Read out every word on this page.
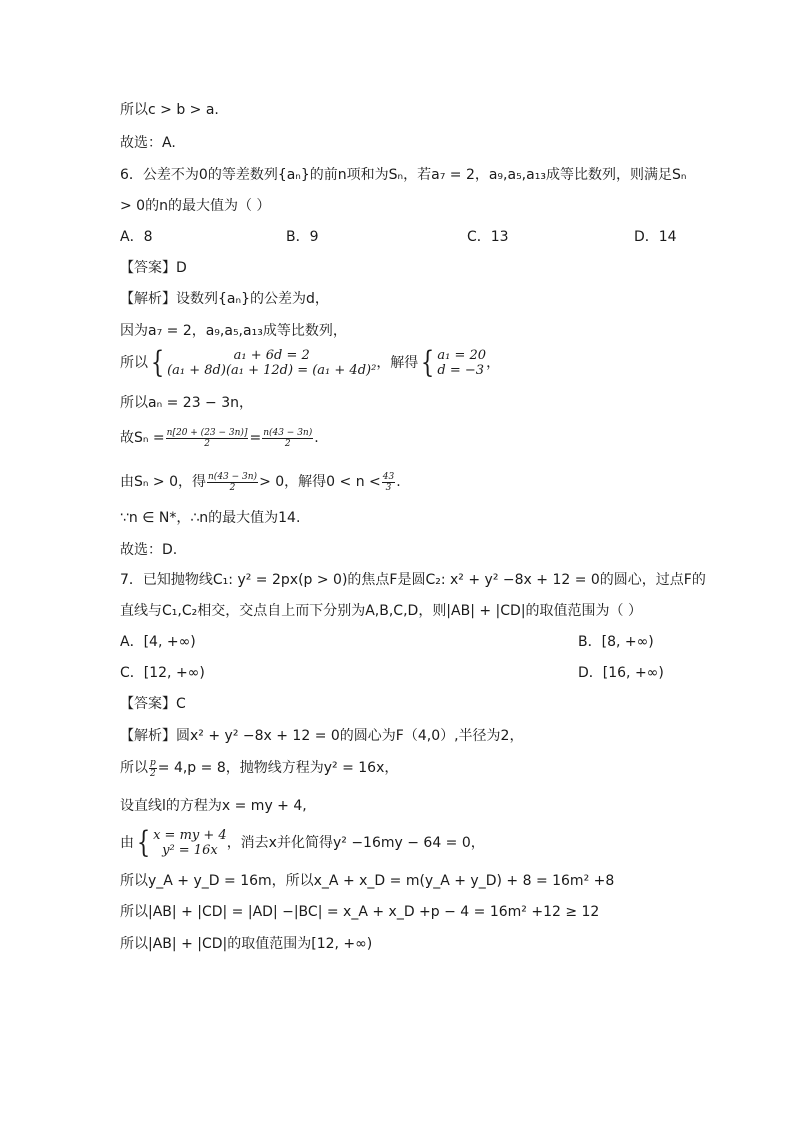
所以c > b > a.
故选：A.
6．公差不为0的等差数列{aₙ}的前n项和为Sₙ，若a₇ = 2，a₉,a₅,a₁₃成等比数列，则满足Sₙ
> 0的n的最大值为（ ）
A．8	B．9	C．13	D．14
【答案】D
【解析】设数列{aₙ}的公差为d，
因为a₇ = 2，a₉,a₅,a₁₃成等比数列，
所以{	a₁ + 6d = 2
(a₁ + 8d)(a₁ + 12d) = (a₁ + 4d)² ，解得{ a₁ = 20
d = −3 ，
所以aₙ = 23 − 3n，
故$S_n = \frac{n[20 + (23 - 3n)]}{2} = \frac{n(43 - 3n)}{2}$ .
由Sₙ > 0，得 $\frac{n(43 - 3n)}{2} > 0$，解得$0 < n < \frac{43}{3}$ .
∵n ∈ N*，∴n的最大值为14.
故选：D.
7．已知抛物线C₁: y² = 2px(p > 0)的焦点F是圆C₂: x² + y² −8x + 12 = 0的圆心，过点F的
直线与C₁,C₂相交，交点自上而下分别为A,B,C,D，则|AB| + |CD|的取值范围为（ ）
A．[4, +∞)	B．[8, +∞)
C．[12, +∞)	D．[16, +∞)
【答案】C
【解析】圆x² + y² −8x + 12 = 0的圆心为F（4,0）,半径为2，
所以 $\frac{p}{2} = 4,p = 8$，抛物线方程为y² = 16x，
设直线l的方程为x = my + 4,
由{ x = my + 4
y² = 16x ，消去x并化简得y² −16my − 64 = 0，
所以y_A + y_D = 16m，所以x_A + x_D = m(y_A + y_D) + 8 = 16m² +8
所以|AB| + |CD| = |AD| −|BC| = x_A + x_D +p − 4 = 16m² +12 ≥ 12
所以|AB| + |CD|的取值范围为[12, +∞)
